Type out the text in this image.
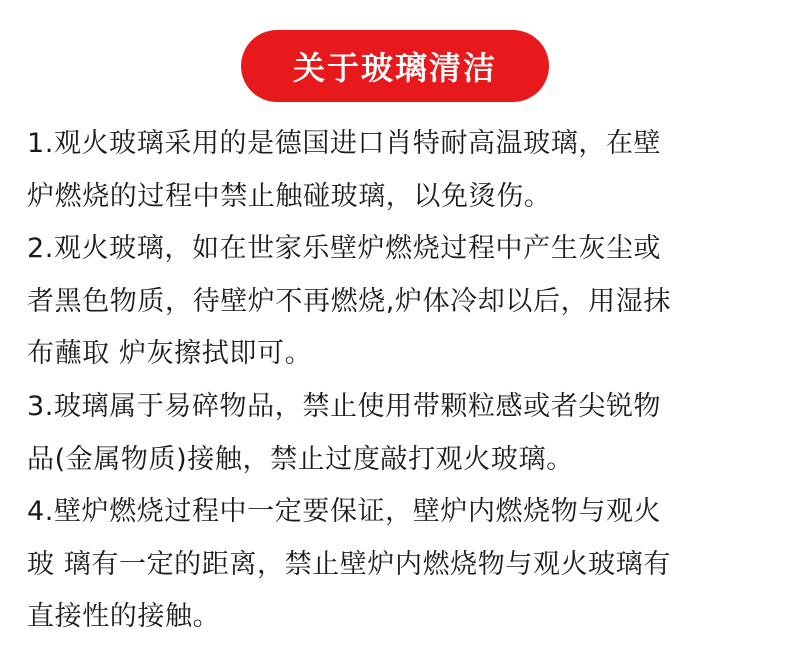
关于玻璃清洁
1.观火玻璃采用的是德国进口肖特耐高温玻璃，在壁
炉燃烧的过程中禁止触碰玻璃，以免烫伤。
2.观火玻璃，如在世家乐壁炉燃烧过程中产生灰尘或
者黑色物质，待壁炉不再燃烧,炉体冷却以后，用湿抹
布蘸取 炉灰擦拭即可。
3.玻璃属于易碎物品，禁止使用带颗粒感或者尖锐物
品(金属物质)接触，禁止过度敲打观火玻璃。
4.壁炉燃烧过程中一定要保证，壁炉内燃烧物与观火
玻 璃有一定的距离，禁止壁炉内燃烧物与观火玻璃有
直接性的接触。
